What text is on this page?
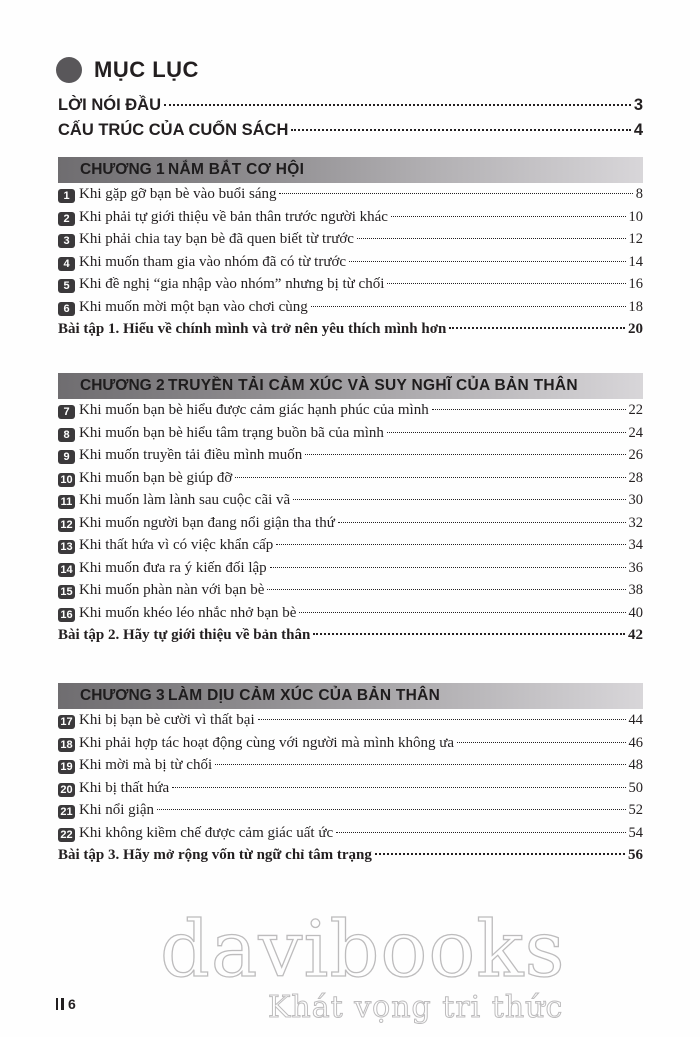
MỤC LỤC
LỜI NÓI ĐẦU	3
CẤU TRÚC CỦA CUỐN SÁCH	4
CHƯƠNG 1 NẮM BẮT CƠ HỘI
1 Khi gặp gỡ bạn bè vào buổi sáng	8
2 Khi phải tự giới thiệu về bản thân trước người khác	10
3 Khi phải chia tay bạn bè đã quen biết từ trước	12
4 Khi muốn tham gia vào nhóm đã có từ trước	14
5 Khi đề nghị “gia nhập vào nhóm” nhưng bị từ chối	16
6 Khi muốn mời một bạn vào chơi cùng	18
Bài tập 1. Hiểu về chính mình và trở nên yêu thích mình hơn	20
CHƯƠNG 2 TRUYỀN TẢI CẢM XÚC VÀ SUY NGHĨ CỦA BẢN THÂN
7 Khi muốn bạn bè hiểu được cảm giác hạnh phúc của mình	22
8 Khi muốn bạn bè hiểu tâm trạng buồn bã của mình	24
9 Khi muốn truyền tải điều mình muốn	26
10 Khi muốn bạn bè giúp đỡ	28
11 Khi muốn làm lành sau cuộc cãi vã	30
12 Khi muốn người bạn đang nổi giận tha thứ	32
13 Khi thất hứa vì có việc khẩn cấp	34
14 Khi muốn đưa ra ý kiến đối lập	36
15 Khi muốn phàn nàn với bạn bè	38
16 Khi muốn khéo léo nhắc nhở bạn bè	40
Bài tập 2. Hãy tự giới thiệu về bản thân	42
CHƯƠNG 3 LÀM DỊU CẢM XÚC CỦA BẢN THÂN
17 Khi bị bạn bè cười vì thất bại	44
18 Khi phải hợp tác hoạt động cùng với người mà mình không ưa	46
19 Khi mời mà bị từ chối	48
20 Khi bị thất hứa	50
21 Khi nổi giận	52
22 Khi không kiềm chế được cảm giác uất ức	54
Bài tập 3. Hãy mở rộng vốn từ ngữ chỉ tâm trạng	56
davibooks
Khát vọng tri thức
6
